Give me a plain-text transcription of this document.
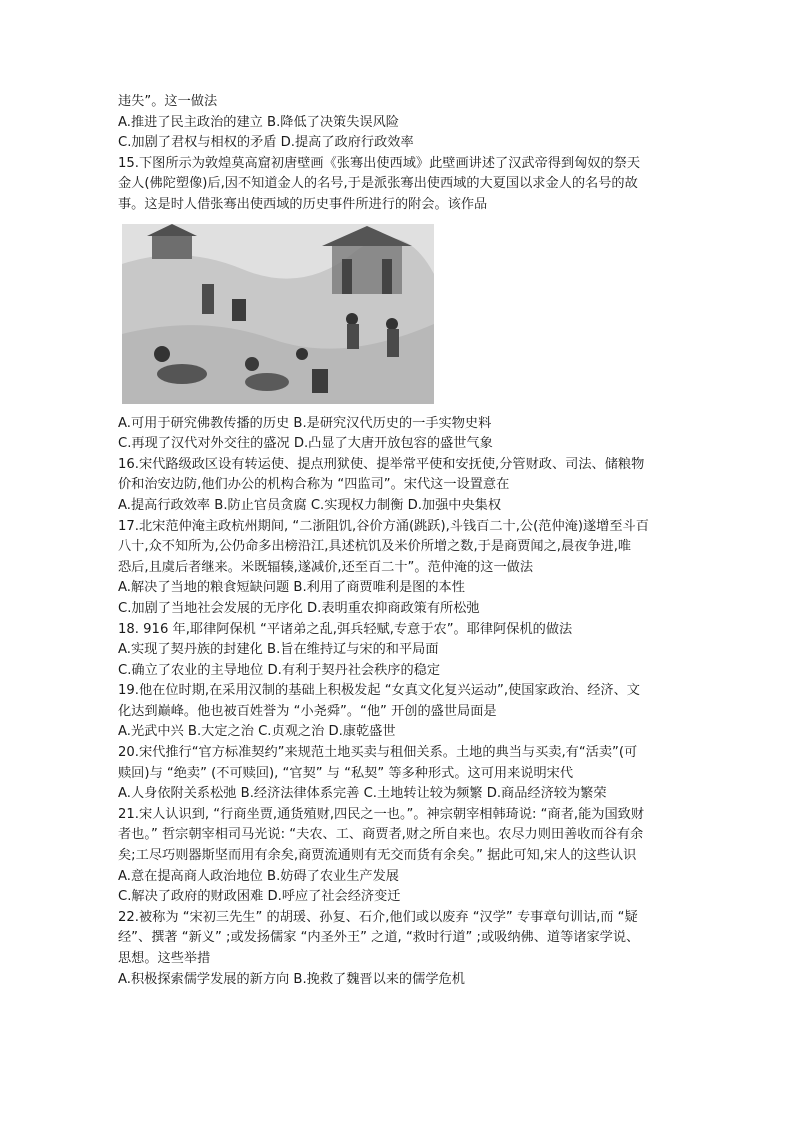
违失”。这一做法
A.推进了民主政治的建立 B.降低了决策失误风险
C.加剧了君权与相权的矛盾 D.提高了政府行政效率
15.下图所示为敦煌莫高窟初唐壁画《张骞出使西域》此壁画讲述了汉武帝得到匈奴的祭天
金人(佛陀塑像)后,因不知道金人的名号,于是派张骞出使西域的大夏国以求金人的名号的故
事。这是时人借张骞出使西域的历史事件所进行的附会。该作品
A.可用于研究佛教传播的历史 B.是研究汉代历史的一手实物史料
C.再现了汉代对外交往的盛况 D.凸显了大唐开放包容的盛世气象
16.宋代路级政区设有转运使、提点刑狱使、提举常平使和安抚使,分管财政、司法、储粮物
价和治安边防,他们办公的机构合称为 “四监司”。宋代这一设置意在
A.提高行政效率 B.防止官员贪腐 C.实现权力制衡 D.加强中央集权
17.北宋范仲淹主政杭州期间, “二浙阻饥,谷价方涌(跳跃),斗钱百二十,公(范仲淹)遂增至斗百
八十,众不知所为,公仍命多出榜沿江,具述杭饥及米价所增之数,于是商贾闻之,晨夜争进,唯
恐后,且虞后者继来。米既辐辏,遂减价,还至百二十”。范仲淹的这一做法
A.解决了当地的粮食短缺问题 B.利用了商贾唯利是图的本性
C.加剧了当地社会发展的无序化 D.表明重农抑商政策有所松弛
18. 916 年,耶律阿保机 “平诸弟之乱,弭兵轻赋,专意于农”。耶律阿保机的做法
A.实现了契丹族的封建化 B.旨在维持辽与宋的和平局面
C.确立了农业的主导地位 D.有利于契丹社会秩序的稳定
19.他在位时期,在采用汉制的基础上积极发起 “女真文化复兴运动”,使国家政治、经济、文
化达到巅峰。他也被百姓誉为 “小尧舜”。“他” 开创的盛世局面是
A.光武中兴 B.大定之治 C.贞观之治 D.康乾盛世
20.宋代推行“官方标准契约”来规范土地买卖与租佃关系。土地的典当与买卖,有“活卖”(可
赎回)与 “绝卖” (不可赎回), “官契” 与 “私契” 等多种形式。这可用来说明宋代
A.人身依附关系松弛 B.经济法律体系完善 C.土地转让较为频繁 D.商品经济较为繁荣
21.宋人认识到, “行商坐贾,通货殖财,四民之一也。”。神宗朝宰相韩琦说: “商者,能为国致财
者也。” 哲宗朝宰相司马光说: “夫农、工、商贾者,财之所自来也。农尽力则田善收而谷有余
矣;工尽巧则器斯坚而用有余矣,商贾流通则有无交而货有余矣。” 据此可知,宋人的这些认识
A.意在提高商人政治地位 B.妨碍了农业生产发展
C.解决了政府的财政困难 D.呼应了社会经济变迁
22.被称为 “宋初三先生” 的胡瑗、孙复、石介,他们或以废弃 “汉学” 专事章句训诂,而 “疑
经”、撰著 “新义” ;或发扬儒家 “内圣外王” 之道, “救时行道” ;或吸纳佛、道等诸家学说、
思想。这些举措
A.积极探索儒学发展的新方向 B.挽救了魏晋以来的儒学危机
